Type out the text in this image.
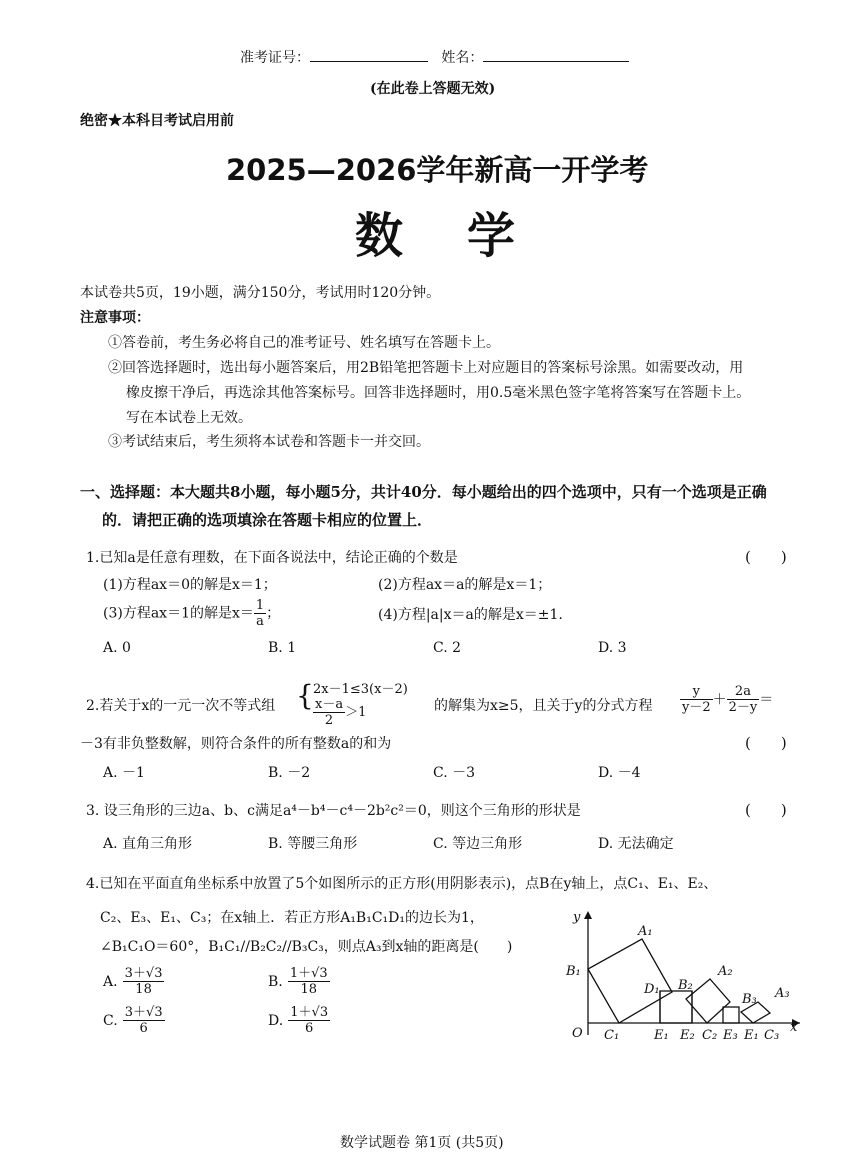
准考证号：	姓名：
(在此卷上答题无效)
绝密★本科目考试启用前
2025—2026学年新高一开学考
数　学
本试卷共5页，19小题，满分150分，考试用时120分钟。
注意事项：
①答卷前，考生务必将自己的准考证号、姓名填写在答题卡上。
②回答选择题时，选出每小题答案后，用2B铅笔把答题卡上对应题目的答案标号涂黑。如需要改动，用
橡皮擦干净后，再选涂其他答案标号。回答非选择题时，用0.5毫米黑色签字笔将答案写在答题卡上。
写在本试卷上无效。
③考试结束后，考生须将本试卷和答题卡一并交回。
一、选择题：本大题共8小题，每小题5分，共计40分．每小题给出的四个选项中，只有一个选项是正确
的．请把正确的选项填涂在答题卡相应的位置上．
1.已知a是任意有理数，在下面各说法中，结论正确的个数是	(　　)
(1)方程ax＝0的解是x＝1；	(2)方程ax＝a的解是x＝1；
(3)方程ax＝1的解是$x= \frac{1}{a}$ ；	(4)方程|a|x＝a的解是x＝±1.
A. 0	B. 1	C. 2	D. 3
2.若关于x的一元一次不等式组 { 2x－1≤3(x－2)
$\frac{x-a}{2} >1$	的解集为x≥5，且关于y的分式方程 $\frac{y}{y-2} + \frac{2a}{2-y}$ ＝
－3有非负整数解，则符合条件的所有整数a的和为	(　　)
A. －1	B. －2	C. －3	D. －4
3. 设三角形的三边a、b、c满足a⁴－b⁴－c⁴－2b²c²＝0，则这个三角形的形状是	(　　)
A. 直角三角形	B. 等腰三角形	C. 等边三角形	D. 无法确定
4.已知在平面直角坐标系中放置了5个如图所示的正方形(用阴影表示)，点B在y轴上，点C₁、E₁、E₂、
C₂、E₃、E₁、C₃；在x轴上．若正方形A₁B₁C₁D₁的边长为1，
∠B₁C₁O＝60°，B₁C₁//B₂C₂//B₃C₃，则点A₃到x轴的距离是(　　)
A. $\frac{3+√3}{18}$	B. $\frac{1+√3}{18}$
C. $\frac{3+√3}{6}$	D. $\frac{1+√3}{6}$
y
x
O
A₁
B₁
C₁
D₁
E₁
B₂
E₂ C₂
A₂
E₃
B₃
E₁ C₃
A₃
数学试题卷 第1页 (共5页)
